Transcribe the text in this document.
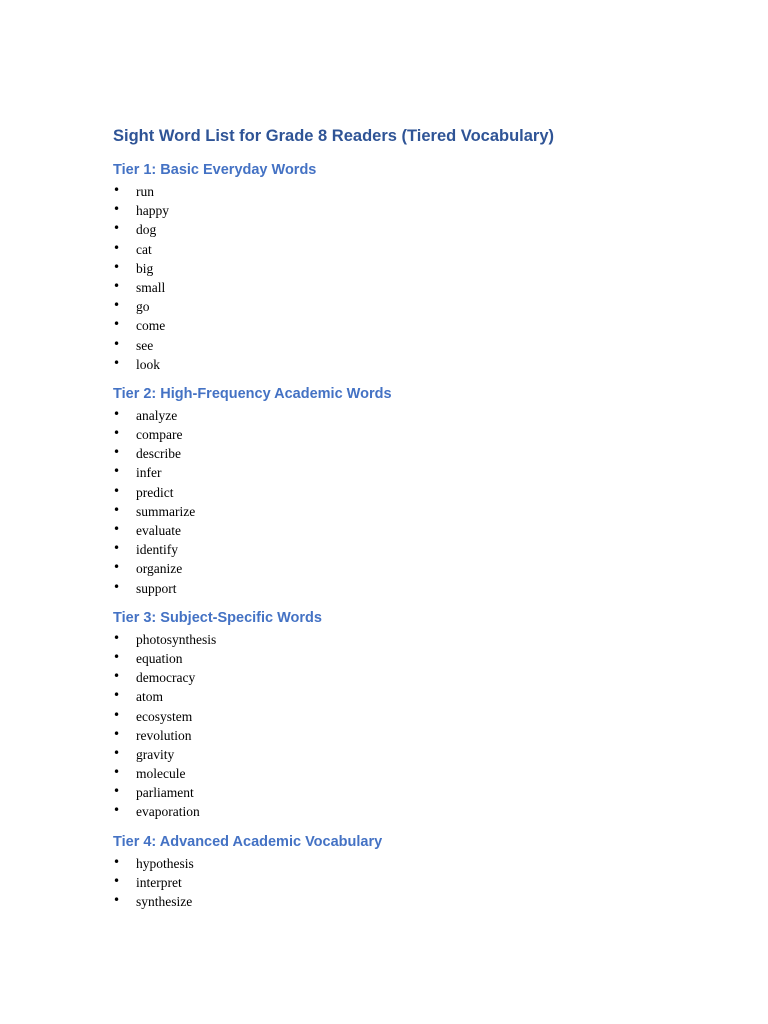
Sight Word List for Grade 8 Readers (Tiered Vocabulary)
Tier 1: Basic Everyday Words
• run
• happy
• dog
• cat
• big
• small
• go
• come
• see
• look
Tier 2: High-Frequency Academic Words
• analyze
• compare
• describe
• infer
• predict
• summarize
• evaluate
• identify
• organize
• support
Tier 3: Subject-Specific Words
• photosynthesis
• equation
• democracy
• atom
• ecosystem
• revolution
• gravity
• molecule
• parliament
• evaporation
Tier 4: Advanced Academic Vocabulary
• hypothesis
• interpret
• synthesize
